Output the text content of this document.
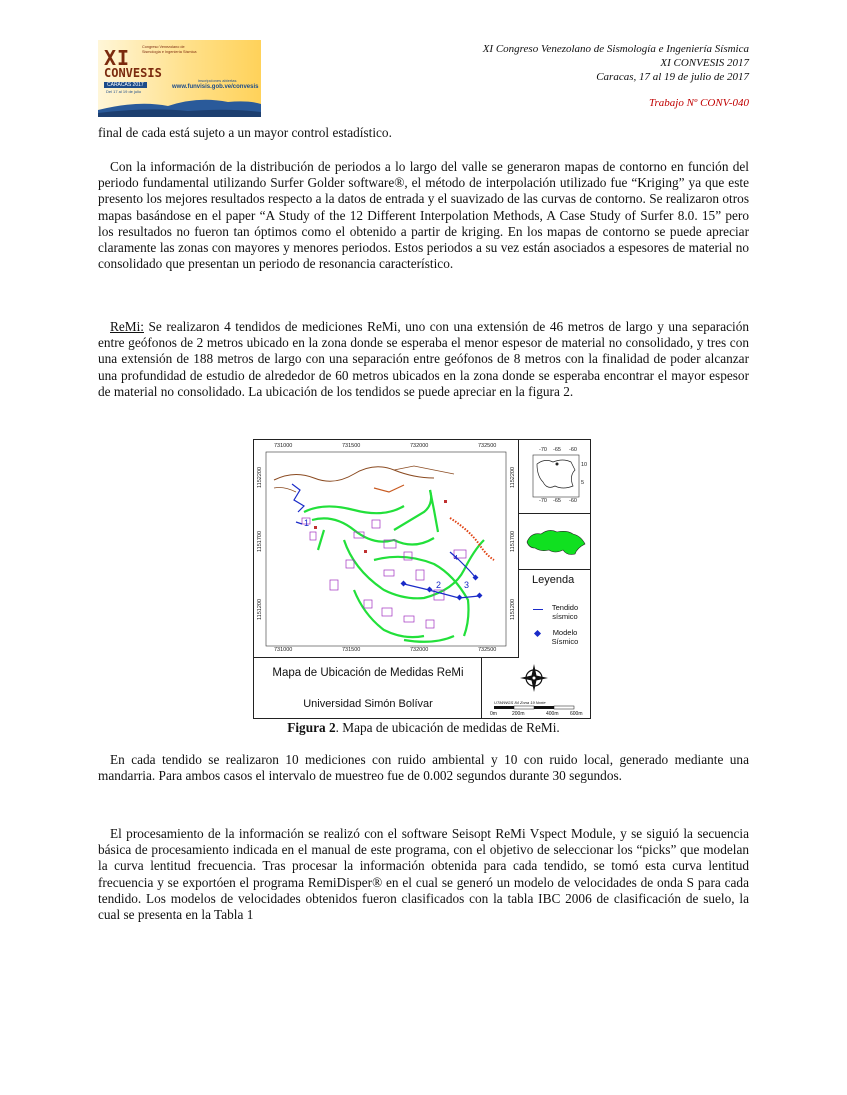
XI	Congreso Venezolano de Sismología e Ingeniería Sísmica
CONVESIS
CARACAS 2017
Del 17 al 19 de julio
inscripciones abiertas
www.funvisis.gob.ve/convesis
XI Congreso Venezolano de Sismología e Ingeniería Sísmica
XI CONVESIS 2017
Caracas, 17 al 19 de julio de 2017
Trabajo Nº CONV-040
final de cada está sujeto a un mayor control estadístico.
Con la información de la distribución de periodos a lo largo del valle se generaron mapas de contorno en función del periodo fundamental utilizando Surfer Golder software®, el método de interpolación utilizado fue “Kriging” ya que este presento los mejores resultados respecto a la datos de entrada y el suavizado de las curvas de contorno. Se realizaron otros mapas basándose en el paper “A Study of the 12 Different Interpolation Methods, A Case Study of Surfer 8.0. 15” pero los resultados no fueron tan óptimos como el obtenido a partir de kriging. En los mapas de contorno se puede apreciar claramente las zonas con mayores y menores periodos. Estos periodos a su vez están asociados a espesores de material no consolidado que presentan un periodo de resonancia característico.
ReMi: Se realizaron 4 tendidos de mediciones ReMi, uno con una extensión de 46 metros de largo y una separación entre geófonos de 2 metros ubicado en la zona donde se esperaba el menor espesor de material no consolidado, y tres con una extensión de 188 metros de largo con una separación entre geófonos de 8 metros con la finalidad de poder alcanzar una profundidad de estudio de alrededor de 60 metros ubicados en la zona donde se esperaba encontrar el mayor espesor de material no consolidado. La ubicación de los tendidos se puede apreciar en la figura 2.
731000	731500	732000	732500
731000	731500	732000	732500
1152200
1151700
1151200
1152200
1151700
1151200
2	3
1
4
-70 -65 -60
-70 -65 -60
10
5
Leyenda
Tendido sísmico
Modelo Sísmico
Mapa de Ubicación de Medidas ReMi
Universidad Simón Bolívar	UTM/WGS 84 Zona 19 Norte
0m	200m	400m 600m
Figura 2. Mapa de ubicación de medidas de ReMi.
En cada tendido se realizaron 10 mediciones con ruido ambiental y 10 con ruido local, generado mediante una mandarria. Para ambos casos el intervalo de muestreo fue de 0.002 segundos durante 30 segundos.
El procesamiento de la información se realizó con el software Seisopt ReMi Vspect Module, y se siguió la secuencia básica de procesamiento indicada en el manual de este programa, con el objetivo de seleccionar los “picks” que modelan la curva lentitud frecuencia. Tras procesar la información obtenida para cada tendido, se tomó esta curva lentitud frecuencia y se exportóen el programa RemiDisper® en el cual se generó un modelo de velocidades de onda S para cada tendido. Los modelos de velocidades obtenidos fueron clasificados con la tabla IBC 2006 de clasificación de suelo, la cual se presenta en la Tabla 1
